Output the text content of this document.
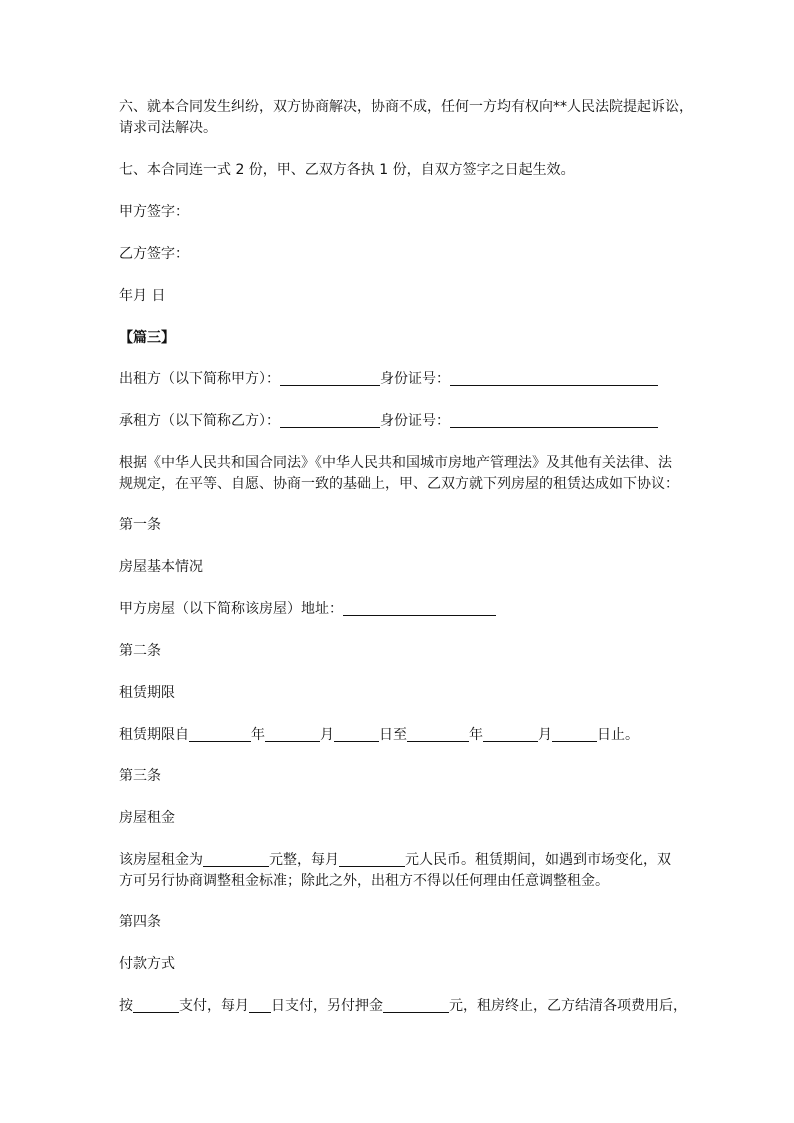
六、就本合同发生纠纷，双方协商解决，协商不成，任何一方均有权向**人民法院提起诉讼，

请求司法解决。

七、本合同连一式 2 份，甲、乙双方各执 1 份，自双方签字之日起生效。

甲方签字：

乙方签字：

年月 日

【篇三】

出租方（以下简称甲方）：	身份证号：

承租方（以下简称乙方）：	身份证号：

根据《中华人民共和国合同法》《中华人民共和国城市房地产管理法》及其他有关法律、法

规规定，在平等、自愿、协商一致的基础上，甲、乙双方就下列房屋的租赁达成如下协议：

第一条

房屋基本情况

甲方房屋（以下简称该房屋）地址：

第二条

租赁期限

租赁期限自	年	月	日至	年	月	日止。

第三条

房屋租金

该房屋租金为	元整，每月	元人民币。租赁期间，如遇到市场变化，双

方可另行协商调整租金标准；除此之外，出租方不得以任何理由任意调整租金。

第四条

付款方式

按	支付，每月 日支付，另付押金	元，租房终止，乙方结清各项费用后，
